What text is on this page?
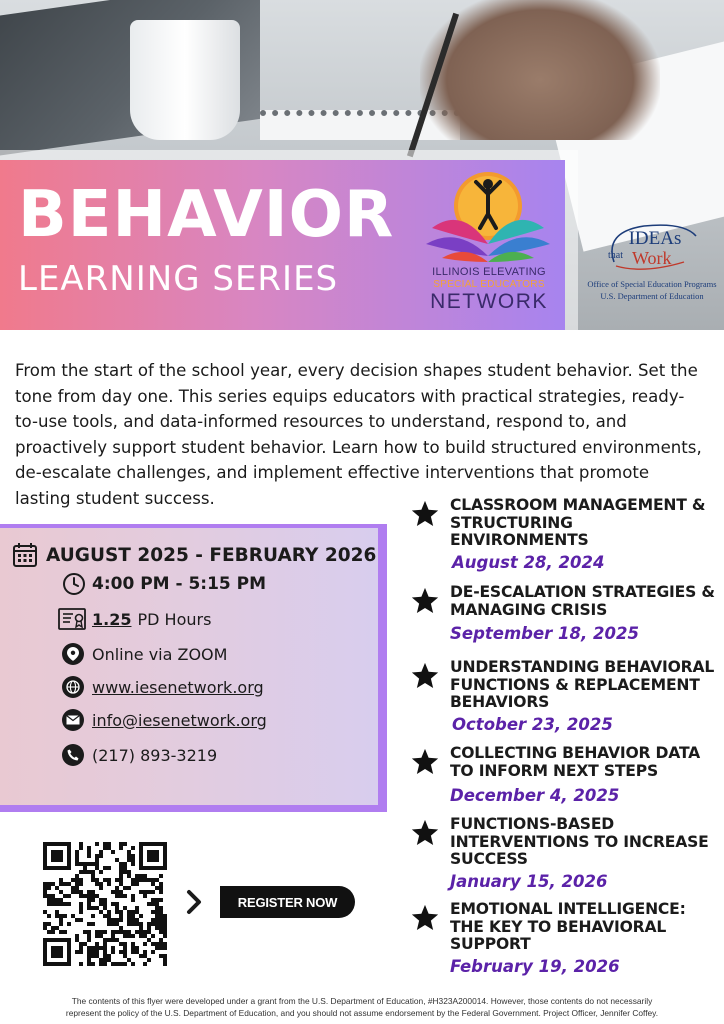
BEHAVIOR
LEARNING SERIES	ILLINOIS ELEVATING
SPECIAL EDUCATORS
NETWORK
IDEAs
that Work
Office of Special Education Programs
U.S. Department of Education

From the start of the school year, every decision shapes student behavior. Set the tone from day one. This series equips educators with practical strategies, ready-to-use tools, and data-informed resources to understand, respond to, and proactively support student behavior. Learn how to build structured environments, de-escalate challenges, and implement effective interventions that promote lasting student success.

AUGUST 2025 - FEBRUARY 2026
4:00 PM - 5:15 PM
1.25 PD Hours
Online via ZOOM
www.iesenetwork.org
info@iesenetwork.org
(217) 893-3219
REGISTER NOW
CLASSROOM MANAGEMENT & STRUCTURING ENVIRONMENTS
August 28, 2024
DE-ESCALATION STRATEGIES & MANAGING CRISIS
September 18, 2025
UNDERSTANDING BEHAVIORAL FUNCTIONS & REPLACEMENT BEHAVIORS
October 23, 2025
COLLECTING BEHAVIOR DATA TO INFORM NEXT STEPS
December 4, 2025
FUNCTIONS-BASED INTERVENTIONS TO INCREASE SUCCESS
January 15, 2026
EMOTIONAL INTELLIGENCE: THE KEY TO BEHAVIORAL SUPPORT
February 19, 2026
The contents of this flyer were developed under a grant from the U.S. Department of Education, #H323A200014. However, those contents do not necessarily
represent the policy of the U.S. Department of Education, and you should not assume endorsement by the Federal Government. Project Officer, Jennifer Coffey.
